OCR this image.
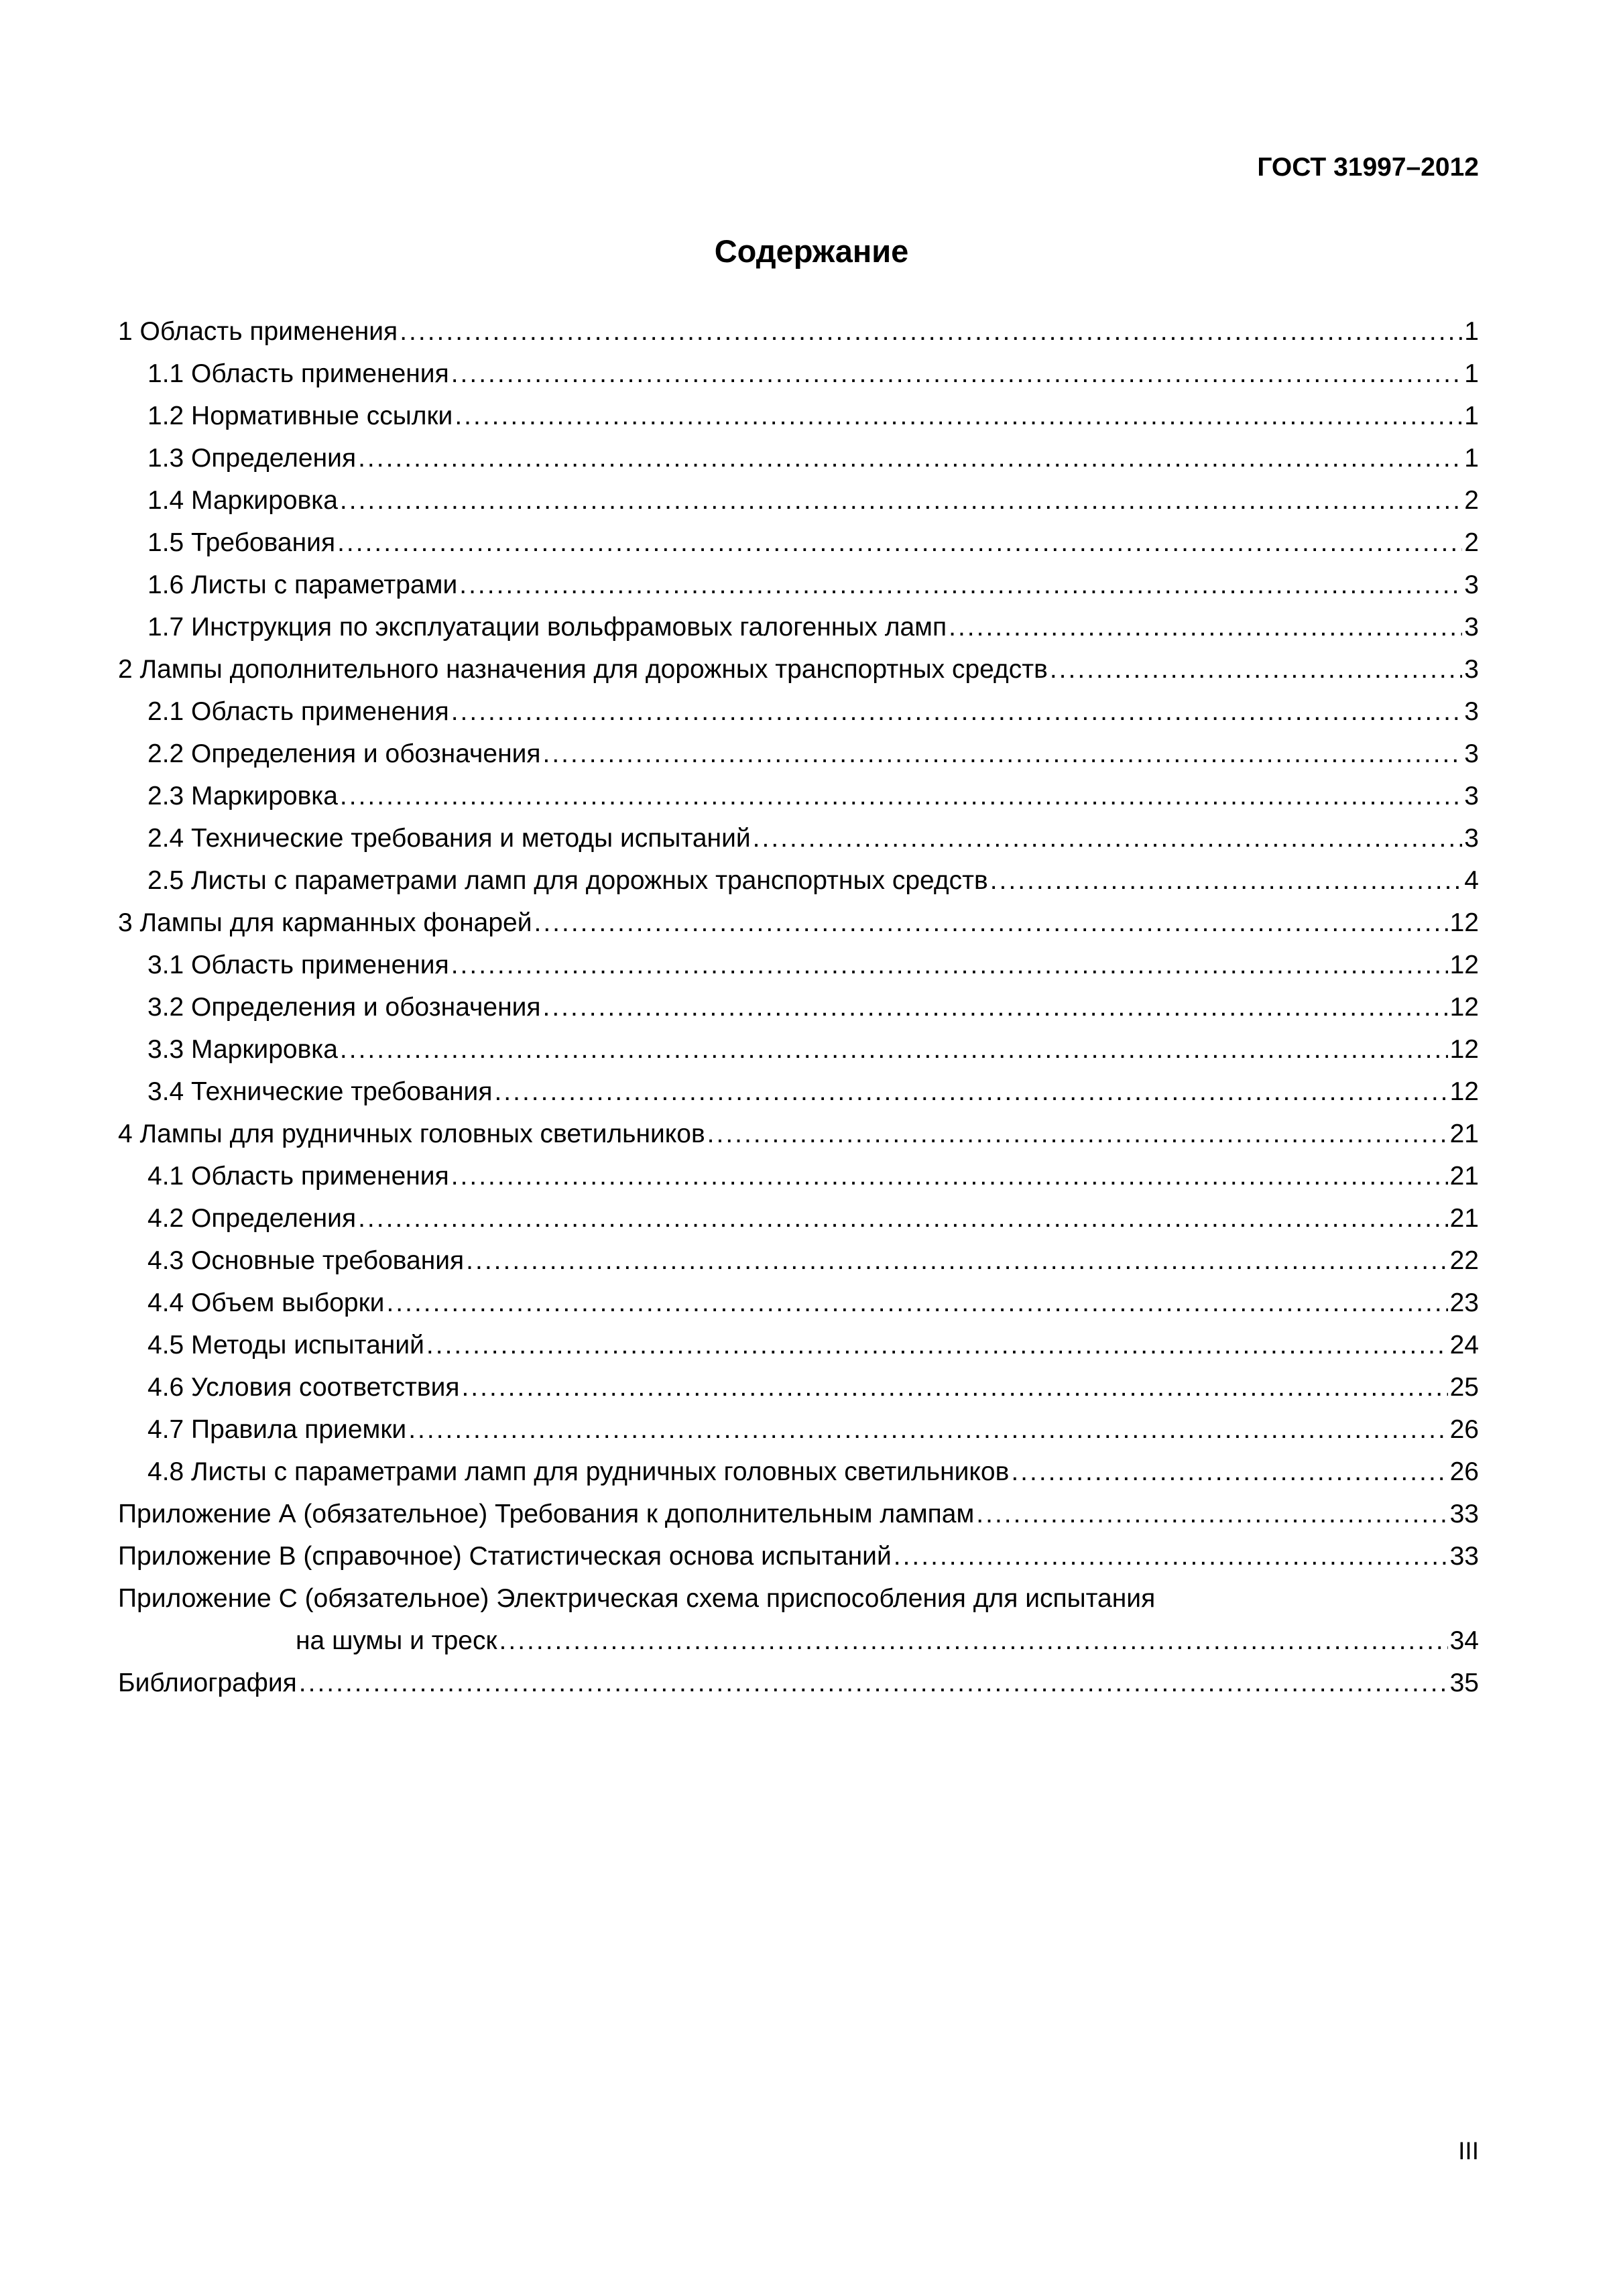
ГОСТ 31997–2012
Содержание
1 Область применения .....	1
1.1 Область применения .....	1
1.2 Нормативные ссылки .....	1
1.3 Определения .....	1
1.4 Маркировка .....	2
1.5 Требования .....	2
1.6 Листы с параметрами .....	3
1.7 Инструкция по эксплуатации вольфрамовых галогенных ламп .....	3
2 Лампы дополнительного назначения для дорожных транспортных средств .....	3
2.1 Область применения .....	3
2.2 Определения и обозначения .....	3
2.3 Маркировка .....	3
2.4 Технические требования и методы испытаний .....	3
2.5 Листы с параметрами ламп для дорожных транспортных средств .....	4
3 Лампы для карманных фонарей .....	12
3.1 Область применения .....	12
3.2 Определения и обозначения .....	12
3.3 Маркировка .....	12
3.4 Технические требования .....	12
4 Лампы для рудничных головных светильников .....	21
4.1 Область применения .....	21
4.2 Определения .....	21
4.3 Основные требования .....	22
4.4 Объем выборки .....	23
4.5 Методы испытаний .....	24
4.6 Условия соответствия .....	25
4.7 Правила приемки .....	26
4.8 Листы с параметрами ламп для рудничных головных светильников .....	26
Приложение А (обязательное) Требования к дополнительным лампам .....	33
Приложение В (справочное) Статистическая основа испытаний .....	33
Приложение С (обязательное) Электрическая схема приспособления для испытания
на шумы и треск .....	34
Библиография .....	35
III
